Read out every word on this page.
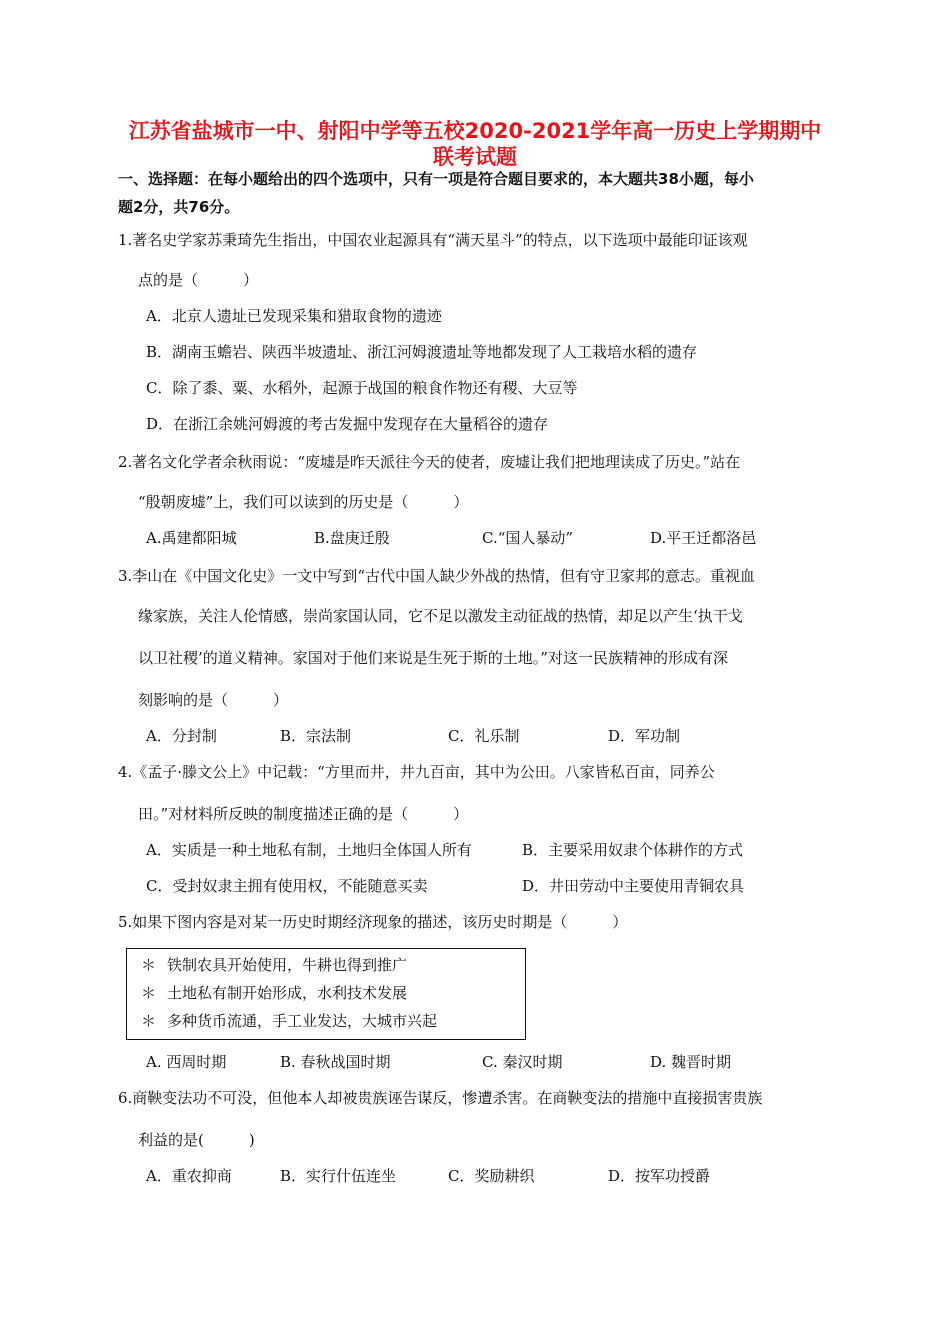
江苏省盐城市一中、射阳中学等五校2020-2021学年高一历史上学期期中
联考试题
一、选择题：在每小题给出的四个选项中，只有一项是符合题目要求的，本大题共38小题，每小
题2分，共76分。
1.著名史学家苏秉琦先生指出，中国农业起源具有“满天星斗”的特点，以下选项中最能印证该观
点的是（　　　）
A．北京人遗址已发现采集和猎取食物的遗迹
B．湖南玉蟾岩、陕西半坡遗址、浙江河姆渡遗址等地都发现了人工栽培水稻的遗存
C．除了黍、粟、水稻外，起源于战国的粮食作物还有稷、大豆等
D．在浙江余姚河姆渡的考古发掘中发现存在大量稻谷的遗存
2.著名文化学者余秋雨说：“废墟是昨天派往今天的使者，废墟让我们把地理读成了历史。”站在
“殷朝废墟”上，我们可以读到的历史是（　　　）
A.禹建都阳城	B.盘庚迁殷	C.“国人暴动”	D.平王迁都洛邑
3.李山在《中国文化史》一文中写到“古代中国人缺少外战的热情，但有守卫家邦的意志。重视血
缘家族，关注人伦情感，崇尚家国认同，它不足以激发主动征战的热情，却足以产生‘执干戈
以卫社稷’的道义精神。家国对于他们来说是生死于斯的土地。”对这一民族精神的形成有深
刻影响的是（　　　）
A．分封制	B．宗法制	C．礼乐制	D．军功制
4.《孟子·滕文公上》中记载：“方里而井，井九百亩，其中为公田。八家皆私百亩，同养公
田。”对材料所反映的制度描述正确的是（　　　）
A．实质是一种土地私有制，土地归全体国人所有	B．主要采用奴隶个体耕作的方式
C．受封奴隶主拥有使用权，不能随意买卖	D．井田劳动中主要使用青铜农具
5.如果下图内容是对某一历史时期经济现象的描述，该历史时期是（　　　）
＊ 铁制农具开始使用，牛耕也得到推广
＊ 土地私有制开始形成，水利技术发展
＊ 多种货币流通，手工业发达，大城市兴起
A. 西周时期	B. 春秋战国时期	C. 秦汉时期	D. 魏晋时期
6.商鞅变法功不可没，但他本人却被贵族诬告谋反，惨遭杀害。在商鞅变法的措施中直接损害贵族
利益的是(　　　)
A．重农抑商	B．实行什伍连坐	C．奖励耕织	D．按军功授爵
